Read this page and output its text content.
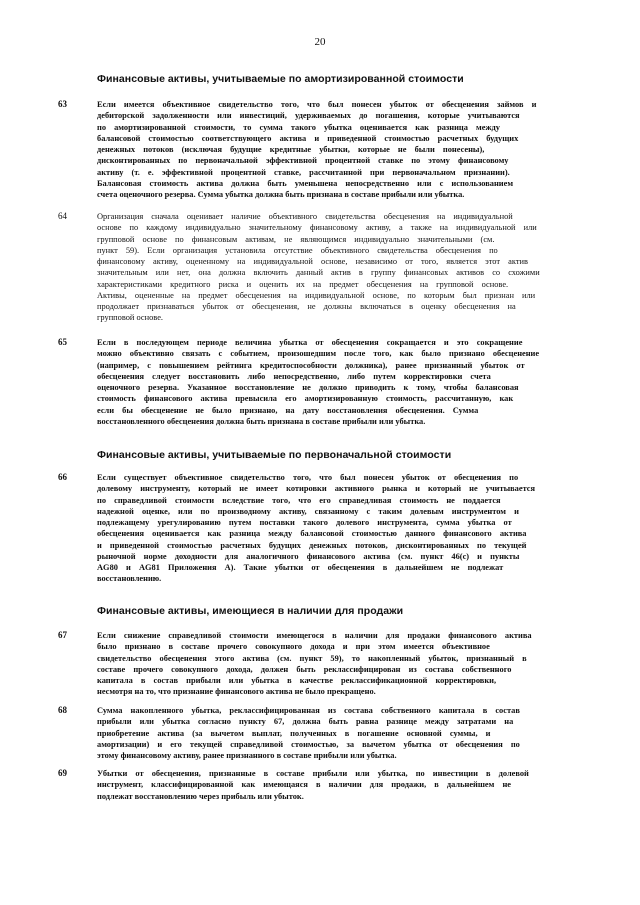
20
Финансовые активы, учитываемые по амортизированной стоимости
63	Если имеется объективное свидетельство того, что был понесен убыток от обесценения займов и
дебиторской задолженности или инвестиций, удерживаемых до погашения, которые учитываются
по амортизированной стоимости, то сумма такого убытка оценивается как разница между
балансовой стоимостью соответствующего актива и приведенной стоимостью расчетных будущих
денежных потоков (исключая будущие кредитные убытки, которые не были понесены),
дисконтированных по первоначальной эффективной процентной ставке по этому финансовому
активу (т. е. эффективной процентной ставке, рассчитанной при первоначальном признании).
Балансовая стоимость актива должна быть уменьшена непосредственно или с использованием
счета оценочного резерва. Сумма убытка должна быть признана в составе прибыли или убытка.
64	Организация сначала оценивает наличие объективного свидетельства обесценения на индивидуальной
основе по каждому индивидуально значительному финансовому активу, а также на индивидуальной или
групповой основе по финансовым активам, не являющимся индивидуально значительными (см.
пункт 59). Если организация установила отсутствие объективного свидетельства обесценения по
финансовому активу, оцененному на индивидуальной основе, независимо от того, является этот актив
значительным или нет, она должна включить данный актив в группу финансовых активов со схожими
характеристиками кредитного риска и оценить их на предмет обесценения на групповой основе.
Активы, оцененные на предмет обесценения на индивидуальной основе, по которым был признан или
продолжает признаваться убыток от обесценения, не должны включаться в оценку обесценения на
групповой основе.
65	Если в последующем периоде величина убытка от обесценения сокращается и это сокращение
можно объективно связать с событием, произошедшим после того, как было признано обесценение
(например, с повышением рейтинга кредитоспособности должника), ранее признанный убыток от
обесценения следует восстановить либо непосредственно, либо путем корректировки счета
оценочного резерва. Указанное восстановление не должно приводить к тому, чтобы балансовая
стоимость финансового актива превысила его амортизированную стоимость, рассчитанную, как
если бы обесценение не было признано, на дату восстановления обесценения. Сумма
восстановленного обесценения должна быть признана в составе прибыли или убытка.
Финансовые активы, учитываемые по первоначальной стоимости
66	Если существует объективное свидетельство того, что был понесен убыток от обесценения по
долевому инструменту, который не имеет котировки активного рынка и который не учитывается
по справедливой стоимости вследствие того, что его справедливая стоимость не поддается
надежной оценке, или по производному активу, связанному с таким долевым инструментом и
подлежащему урегулированию путем поставки такого долевого инструмента, сумма убытка от
обесценения оценивается как разница между балансовой стоимостью данного финансового актива
и приведенной стоимостью расчетных будущих денежных потоков, дисконтированных по текущей
рыночной норме доходности для аналогичного финансового актива (см. пункт 46(c) и пункты
AG80 и AG81 Приложения A). Такие убытки от обесценения в дальнейшем не подлежат
восстановлению.
Финансовые активы, имеющиеся в наличии для продажи
67	Если снижение справедливой стоимости имеющегося в наличии для продажи финансового актива
было признано в составе прочего совокупного дохода и при этом имеется объективное
свидетельство обесценения этого актива (см. пункт 59), то накопленный убыток, признанный в
составе прочего совокупного дохода, должен быть реклассифицирован из состава собственного
капитала в состав прибыли или убытка в качестве реклассификационной корректировки,
несмотря на то, что признание финансового актива не было прекращено.
68	Сумма накопленного убытка, реклассифицированная из состава собственного капитала в состав
прибыли или убытка согласно пункту 67, должна быть равна разнице между затратами на
приобретение актива (за вычетом выплат, полученных в погашение основной суммы, и
амортизации) и его текущей справедливой стоимостью, за вычетом убытка от обесценения по
этому финансовому активу, ранее признанного в составе прибыли или убытка.
69	Убытки от обесценения, признанные в составе прибыли или убытка, по инвестиции в долевой
инструмент, классифицированной как имеющаяся в наличии для продажи, в дальнейшем не
подлежат восстановлению через прибыль или убыток.
